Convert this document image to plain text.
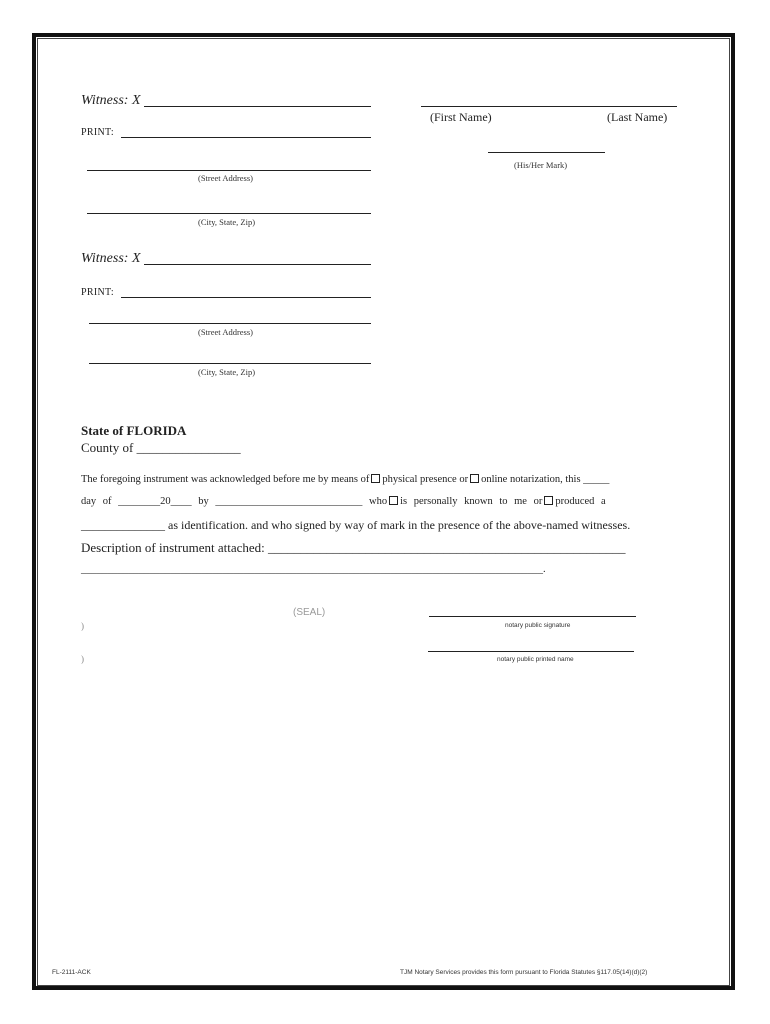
Witness: X
PRINT:
(Street Address)
(City, State, Zip)
(First Name)	(Last Name)
(His/Her Mark)
Witness: X
PRINT:
(Street Address)
(City, State, Zip)
State of FLORIDA
County of ________________
The foregoing instrument was acknowledged before me by means of physical presence or online notarization, this _____
day of ________20____ by ____________________________ who is personally known to me or produced a
______________ as identification. and who signed by way of mark in the presence of the above-named witnesses.
Description of instrument attached: _______________________________________________________
________________________________________________________________________________________.
(SEAL)
)
)
notary public signature
notary public printed name
FL-2111-ACK	TJM Notary Services provides this form pursuant to Florida Statutes §117.05(14)(d)(2)
